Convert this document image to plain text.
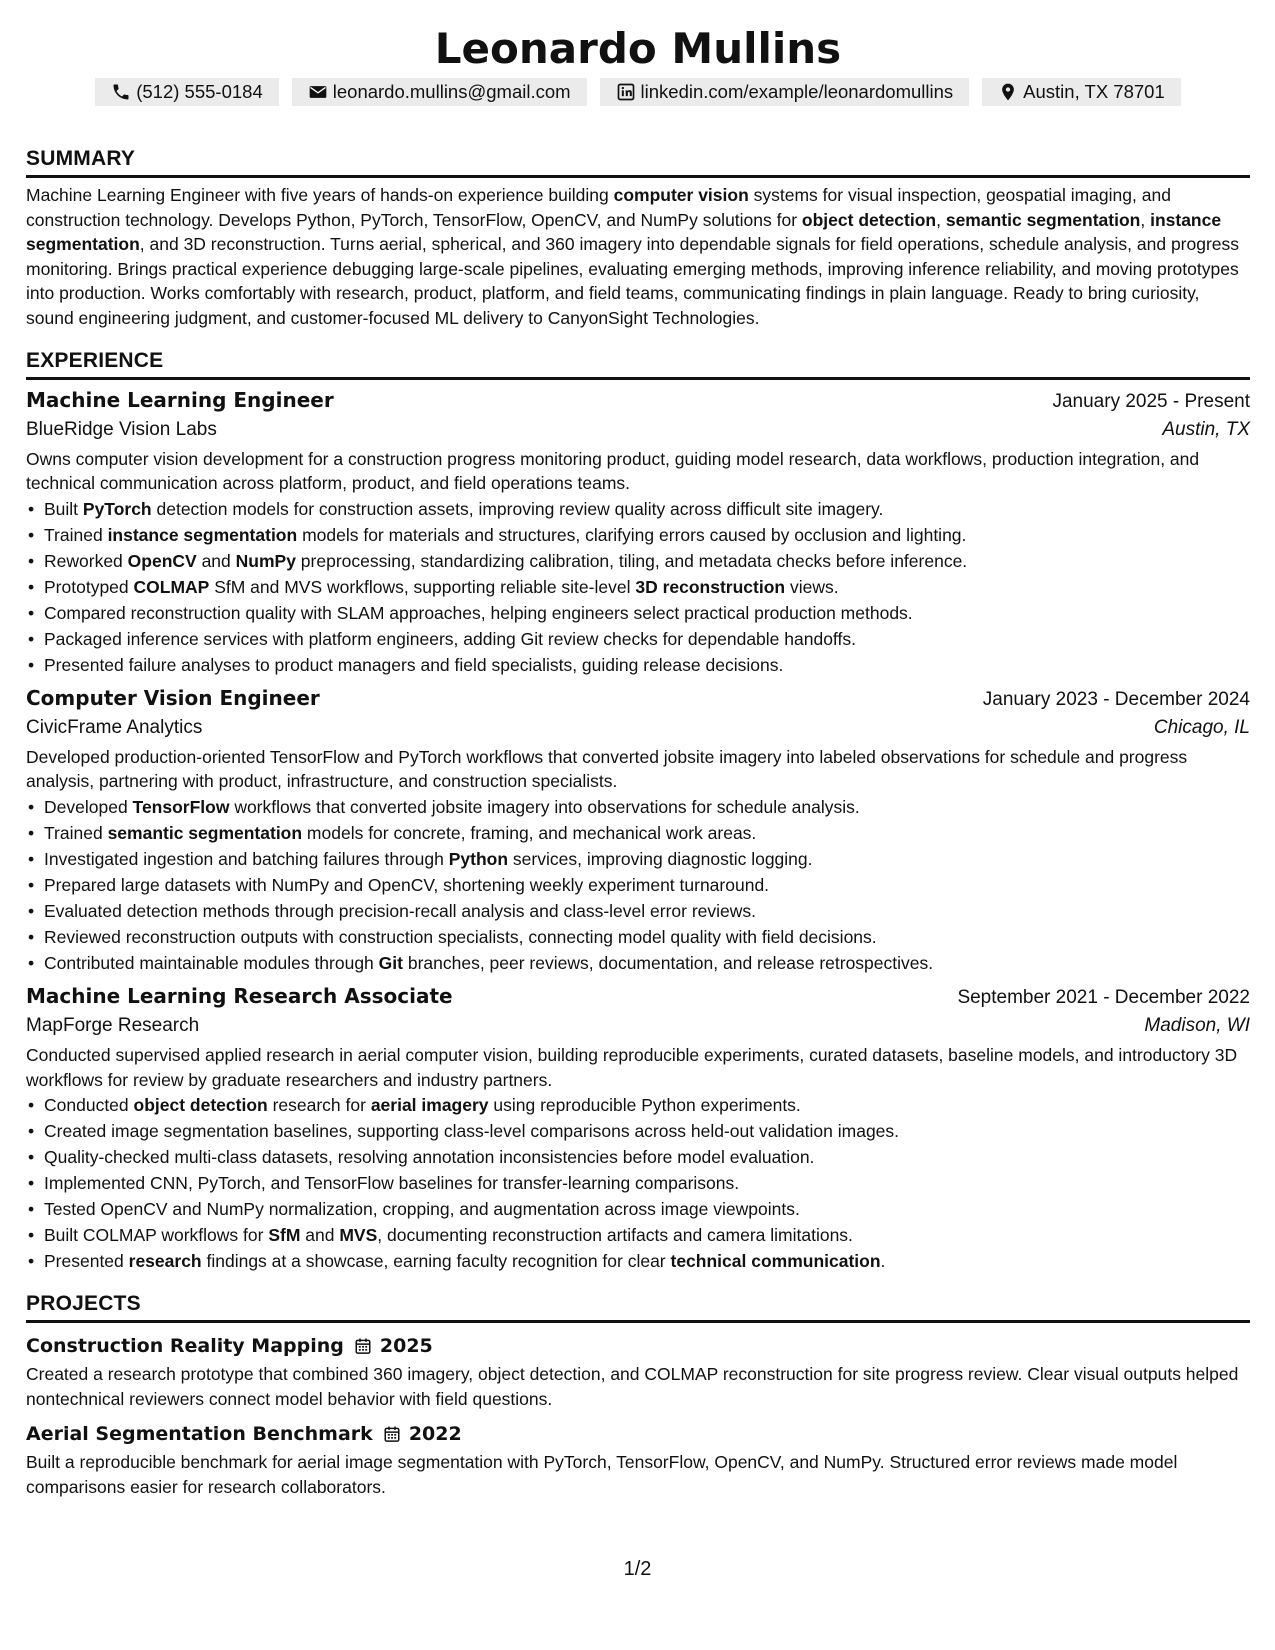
Leonardo Mullins
(512) 555-0184	leonardo.mullins@gmail.com	linkedin.com/example/leonardomullins	Austin, TX 78701
SUMMARY

Machine Learning Engineer with five years of hands-on experience building computer vision systems for visual inspection, geospatial imaging, and construction technology. Develops Python, PyTorch, TensorFlow, OpenCV, and NumPy solutions for object detection, semantic segmentation, instance segmentation, and 3D reconstruction. Turns aerial, spherical, and 360 imagery into dependable signals for field operations, schedule analysis, and progress monitoring. Brings practical experience debugging large-scale pipelines, evaluating emerging methods, improving inference reliability, and moving prototypes into production. Works comfortably with research, product, platform, and field teams, communicating findings in plain language. Ready to bring curiosity, sound engineering judgment, and customer-focused ML delivery to CanyonSight Technologies.

EXPERIENCE
Machine Learning Engineer	January 2025 - Present
BlueRidge Vision Labs	Austin, TX
Owns computer vision development for a construction progress monitoring product, guiding model research, data workflows, production integration, and technical communication across platform, product, and field operations teams.
• Built PyTorch detection models for construction assets, improving review quality across difficult site imagery.
• Trained instance segmentation models for materials and structures, clarifying errors caused by occlusion and lighting.
• Reworked OpenCV and NumPy preprocessing, standardizing calibration, tiling, and metadata checks before inference.
• Prototyped COLMAP SfM and MVS workflows, supporting reliable site-level 3D reconstruction views.
• Compared reconstruction quality with SLAM approaches, helping engineers select practical production methods.
• Packaged inference services with platform engineers, adding Git review checks for dependable handoffs.
• Presented failure analyses to product managers and field specialists, guiding release decisions.
Computer Vision Engineer	January 2023 - December 2024
CivicFrame Analytics	Chicago, IL
Developed production-oriented TensorFlow and PyTorch workflows that converted jobsite imagery into labeled observations for schedule and progress analysis, partnering with product, infrastructure, and construction specialists.
• Developed TensorFlow workflows that converted jobsite imagery into observations for schedule analysis.
• Trained semantic segmentation models for concrete, framing, and mechanical work areas.
• Investigated ingestion and batching failures through Python services, improving diagnostic logging.
• Prepared large datasets with NumPy and OpenCV, shortening weekly experiment turnaround.
• Evaluated detection methods through precision-recall analysis and class-level error reviews.
• Reviewed reconstruction outputs with construction specialists, connecting model quality with field decisions.
• Contributed maintainable modules through Git branches, peer reviews, documentation, and release retrospectives.
Machine Learning Research Associate	September 2021 - December 2022
MapForge Research	Madison, WI
Conducted supervised applied research in aerial computer vision, building reproducible experiments, curated datasets, baseline models, and introductory 3D workflows for review by graduate researchers and industry partners.
• Conducted object detection research for aerial imagery using reproducible Python experiments.
• Created image segmentation baselines, supporting class-level comparisons across held-out validation images.
• Quality-checked multi-class datasets, resolving annotation inconsistencies before model evaluation.
• Implemented CNN, PyTorch, and TensorFlow baselines for transfer-learning comparisons.
• Tested OpenCV and NumPy normalization, cropping, and augmentation across image viewpoints.
• Built COLMAP workflows for SfM and MVS, documenting reconstruction artifacts and camera limitations.
• Presented research findings at a showcase, earning faculty recognition for clear technical communication.
PROJECTS
Construction Reality Mapping 2025
Created a research prototype that combined 360 imagery, object detection, and COLMAP reconstruction for site progress review. Clear visual outputs helped nontechnical reviewers connect model behavior with field questions.
Aerial Segmentation Benchmark 2022
Built a reproducible benchmark for aerial image segmentation with PyTorch, TensorFlow, OpenCV, and NumPy. Structured error reviews made model comparisons easier for research collaborators.
1/2
